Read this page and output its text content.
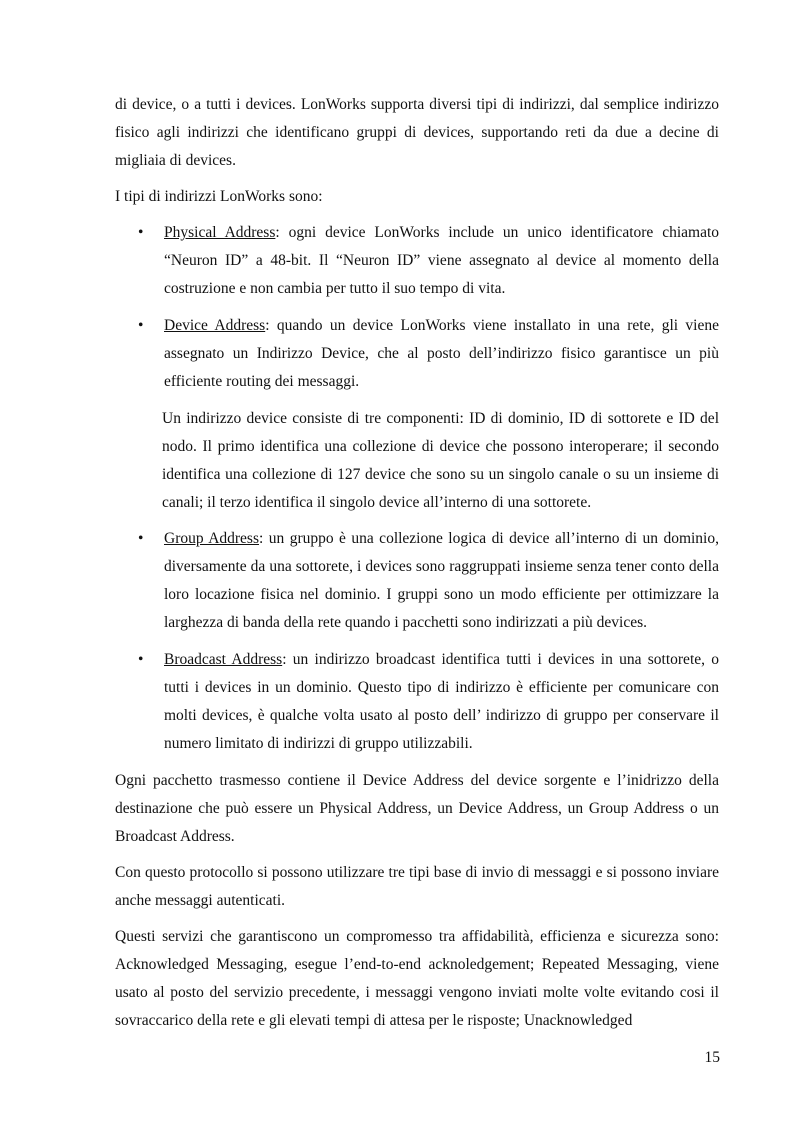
di device, o a tutti i devices. LonWorks supporta diversi tipi di indirizzi, dal semplice indirizzo fisico agli indirizzi che identificano gruppi di devices, supportando reti da due a decine di migliaia di devices.

I tipi di indirizzi LonWorks sono:

• Physical Address: ogni device LonWorks include un unico identificatore chiamato “Neuron ID” a 48-bit. Il “Neuron ID” viene assegnato al device al momento della costruzione e non cambia per tutto il suo tempo di vita.
• Device Address: quando un device LonWorks viene installato in una rete, gli viene assegnato un Indirizzo Device, che al posto dell’indirizzo fisico garantisce un più efficiente routing dei messaggi.

Un indirizzo device consiste di tre componenti: ID di dominio, ID di sottorete e ID del nodo. Il primo identifica una collezione di device che possono interoperare; il secondo identifica una collezione di 127 device che sono su un singolo canale o su un insieme di canali; il terzo identifica il singolo device all’interno di una sottorete.

• Group Address: un gruppo è una collezione logica di device all’interno di un dominio, diversamente da una sottorete, i devices sono raggruppati insieme senza tener conto della loro locazione fisica nel dominio. I gruppi sono un modo efficiente per ottimizzare la larghezza di banda della rete quando i pacchetti sono indirizzati a più devices.
• Broadcast Address: un indirizzo broadcast identifica tutti i devices in una sottorete, o tutti i devices in un dominio. Questo tipo di indirizzo è efficiente per comunicare con molti devices, è qualche volta usato al posto dell’ indirizzo di gruppo per conservare il numero limitato di indirizzi di gruppo utilizzabili.

Ogni pacchetto trasmesso contiene il Device Address del device sorgente e l’inidrizzo della destinazione che può essere un Physical Address, un Device Address, un Group Address o un Broadcast Address.

Con questo protocollo si possono utilizzare tre tipi base di invio di messaggi e si possono inviare anche messaggi autenticati.

Questi servizi che garantiscono un compromesso tra affidabilità, efficienza e sicurezza sono: Acknowledged Messaging, esegue l’end-to-end acknoledgement; Repeated Messaging, viene usato al posto del servizio precedente, i messaggi vengono inviati molte volte evitando cosi il sovraccarico della rete e gli elevati tempi di attesa per le risposte; Unacknowledged

15
